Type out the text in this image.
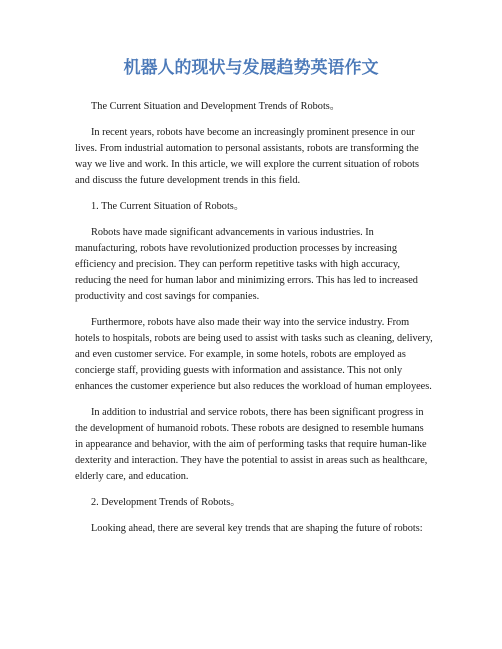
机器人的现状与发展趋势英语作文

The Current Situation and Development Trends of Robots。

In recent years, robots have become an increasingly prominent presence in our lives. From industrial automation to personal assistants, robots are transforming the way we live and work. In this article, we will explore the current situation of robots and discuss the future development trends in this field.

1. The Current Situation of Robots。

Robots have made significant advancements in various industries. In manufacturing, robots have revolutionized production processes by increasing efficiency and precision. They can perform repetitive tasks with high accuracy, reducing the need for human labor and minimizing errors. This has led to increased productivity and cost savings for companies.

Furthermore, robots have also made their way into the service industry. From hotels to hospitals, robots are being used to assist with tasks such as cleaning, delivery, and even customer service. For example, in some hotels, robots are employed as concierge staff, providing guests with information and assistance. This not only enhances the customer experience but also reduces the workload of human employees.

In addition to industrial and service robots, there has been significant progress in the development of humanoid robots. These robots are designed to resemble humans in appearance and behavior, with the aim of performing tasks that require human-like dexterity and interaction. They have the potential to assist in areas such as healthcare, elderly care, and education.

2. Development Trends of Robots。

Looking ahead, there are several key trends that are shaping the future of robots:
